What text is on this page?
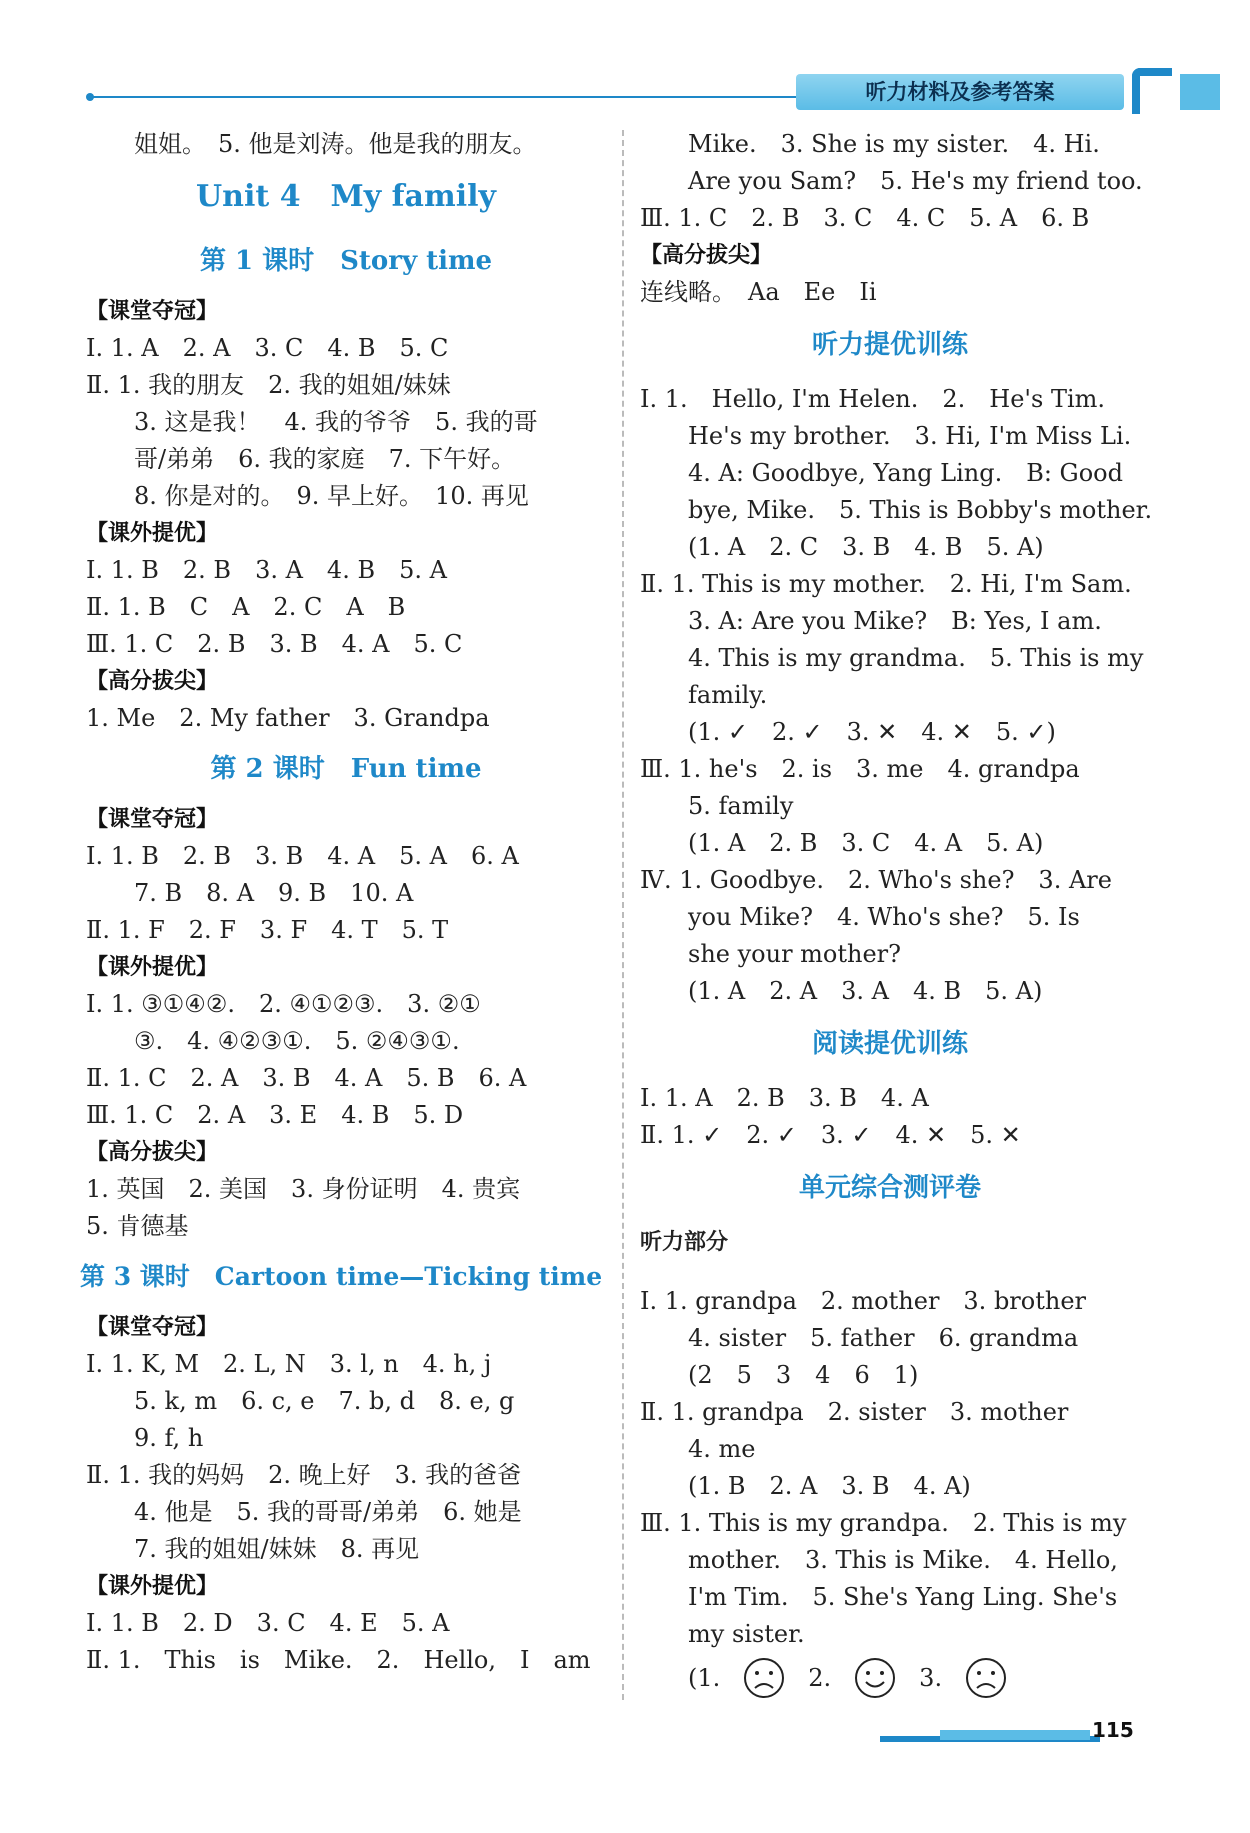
听力材料及参考答案

姐姐。　5. 他是刘涛。他是我的朋友。

Unit 4　My family

第 1 课时　Story time

【课堂夺冠】

Ⅰ. 1. A　2. A　3. C　4. B　5. C

Ⅱ. 1. 我的朋友　2. 我的姐姐/妹妹

3. 这是我！　4. 我的爷爷　5. 我的哥

哥/弟弟　6. 我的家庭　7. 下午好。

8. 你是对的。　9. 早上好。　10. 再见

【课外提优】

Ⅰ. 1. B　2. B　3. A　4. B　5. A

Ⅱ. 1. B　C　A　2. C　A　B

Ⅲ. 1. C　2. B　3. B　4. A　5. C

【高分拔尖】

1. Me　2. My father　3. Grandpa

第 2 课时　Fun time

【课堂夺冠】

Ⅰ. 1. B　2. B　3. B　4. A　5. A　6. A

7. B　8. A　9. B　10. A

Ⅱ. 1. F　2. F　3. F　4. T　5. T

【课外提优】

Ⅰ. 1. ③①④②.　2. ④①②③.　3. ②①

③.　4. ④②③①.　5. ②④③①.

Ⅱ. 1. C　2. A　3. B　4. A　5. B　6. A

Ⅲ. 1. C　2. A　3. E　4. B　5. D

【高分拔尖】

1. 英国　2. 美国　3. 身份证明　4. 贵宾

5. 肯德基

第 3 课时　Cartoon time—Ticking time

【课堂夺冠】

Ⅰ. 1. K, M　2. L, N　3. l, n　4. h, j

5. k, m　6. c, e　7. b, d　8. e, g

9. f, h

Ⅱ. 1. 我的妈妈　2. 晚上好　3. 我的爸爸

4. 他是　5. 我的哥哥/弟弟　6. 她是

7. 我的姐姐/妹妹　8. 再见

【课外提优】

Ⅰ. 1. B　2. D　3. C　4. E　5. A

Ⅱ. 1.　This　is　Mike.　2.　Hello,　I　am

Mike.　3. She is my sister.　4. Hi.

Are you Sam?　5. He's my friend too.

Ⅲ. 1. C　2. B　3. C　4. C　5. A　6. B

【高分拔尖】

连线略。　Aa　Ee　Ii

听力提优训练

Ⅰ. 1.　Hello, I'm Helen.　2.　He's Tim.

He's my brother.　3. Hi, I'm Miss Li.

4. A: Goodbye, Yang Ling.　B: Good

bye, Mike.　5. This is Bobby's mother.

(1. A　2. C　3. B　4. B　5. A)

Ⅱ. 1. This is my mother.　2. Hi, I'm Sam.

3. A: Are you Mike?　B: Yes, I am.

4. This is my grandma.　5. This is my

family.

(1. ✓　2. ✓　3. ✕　4. ✕　5. ✓)

Ⅲ. 1. he's　2. is　3. me　4. grandpa

5. family

(1. A　2. B　3. C　4. A　5. A)

Ⅳ. 1. Goodbye.　2. Who's she?　3. Are

you Mike?　4. Who's she?　5. Is

she your mother?

(1. A　2. A　3. A　4. B　5. A)

阅读提优训练

Ⅰ. 1. A　2. B　3. B　4. A

Ⅱ. 1. ✓　2. ✓　3. ✓　4. ✕　5. ✕

单元综合测评卷

听力部分

Ⅰ. 1. grandpa　2. mother　3. brother

4. sister　5. father　6. grandma

(2　5　3　4　6　1)

Ⅱ. 1. grandpa　2. sister　3. mother

4. me

(1. B　2. A　3. B　4. A)

Ⅲ. 1. This is my grandpa.　2. This is my

mother.　3. This is Mike.　4. Hello,

I'm Tim.　5. She's Yang Ling. She's

my sister.

(1.	2.	3.
115
